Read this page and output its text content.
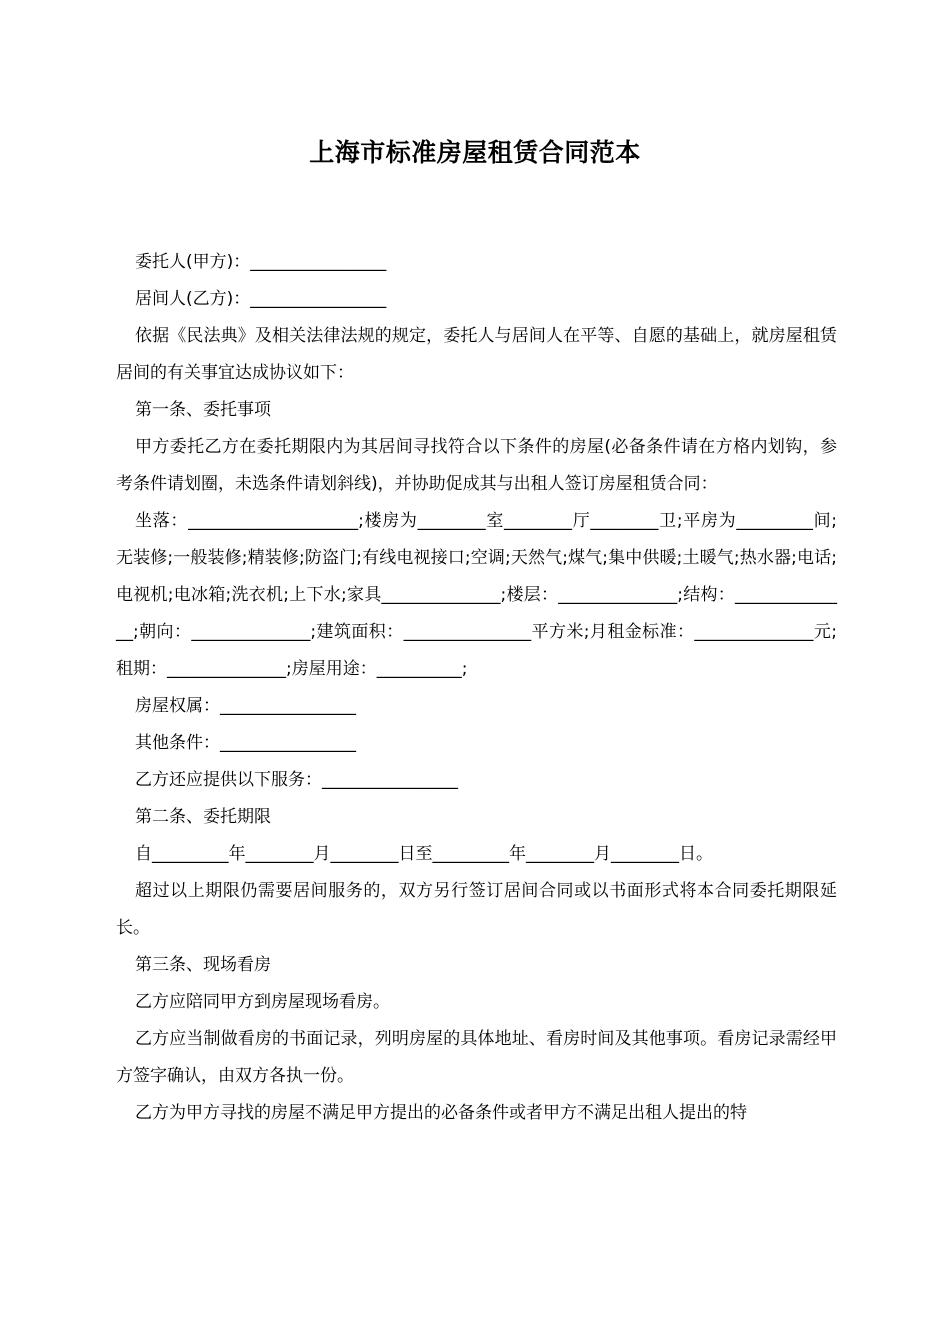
上海市标准房屋租赁合同范本

委托人(甲方)：________________

居间人(乙方)：________________

依据《民法典》及相关法律法规的规定，委托人与居间人在平等、自愿的基础上，就房屋租赁居间的有关事宜达成协议如下：

第一条、委托事项

甲方委托乙方在委托期限内为其居间寻找符合以下条件的房屋(必备条件请在方格内划钩，参考条件请划圈，未选条件请划斜线)，并协助促成其与出租人签订房屋租赁合同：

坐落：____________________;楼房为________室________厅________卫;平房为_________间;无装修;一般装修;精装修;防盗门;有线电视接口;空调;天然气;煤气;集中供暖;土暖气;热水器;电话;电视机;电冰箱;洗衣机;上下水;家具______________;楼层：______________;结构：______________;朝向：______________;建筑面积：_______________平方米;月租金标准：______________元;租期：______________;房屋用途：__________;

房屋权属：________________

其他条件：________________

乙方还应提供以下服务：________________

第二条、委托期限

自_________年________月________日至_________年________月________日。

超过以上期限仍需要居间服务的，双方另行签订居间合同或以书面形式将本合同委托期限延长。

第三条、现场看房

乙方应陪同甲方到房屋现场看房。

乙方应当制做看房的书面记录，列明房屋的具体地址、看房时间及其他事项。看房记录需经甲方签字确认，由双方各执一份。

乙方为甲方寻找的房屋不满足甲方提出的必备条件或者甲方不满足出租人提出的特
